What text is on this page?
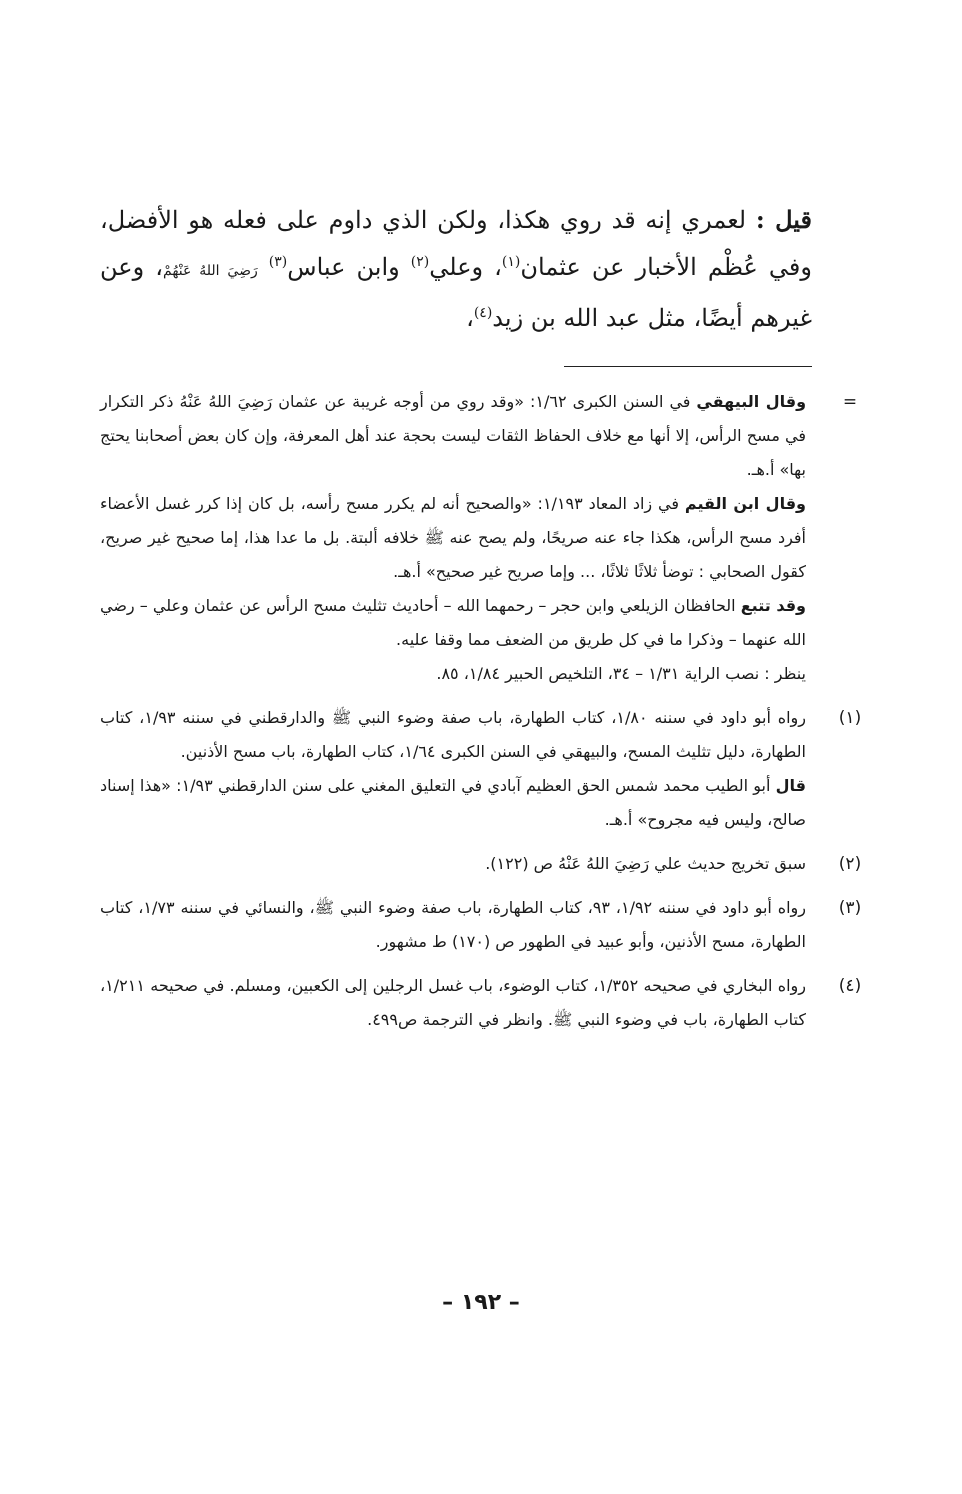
قيل : لعمري إنه قد روي هكذا، ولكن الذي داوم على فعله هو الأفضل، وفي عُظْم الأخبار عن عثمان$^{(١)}$، وعلي$^{(٢)}$ وابن عباس$^{(٣)}$ رَضِيَ اللهُ عَنْهُمْ، وعن غيرهم أيضًا، مثل عبد الله بن زيد$^{(٤)}$،
=

وقال البيهقي في السنن الكبرى ١/٦٢: «وقد روي من أوجه غريبة عن عثمان رَضِيَ اللهُ عَنْهُ ذكر التكرار في مسح الرأس، إلا أنها مع خلاف الحفاظ الثقات ليست بحجة عند أهل المعرفة، وإن كان بعض أصحابنا يحتج بها» أ.هـ.

وقال ابن القيم في زاد المعاد ١/١٩٣: «والصحيح أنه لم يكرر مسح رأسه، بل كان إذا كرر غسل الأعضاء أفرد مسح الرأس، هكذا جاء عنه صريحًا، ولم يصح عنه ﷺ خلافه ألبتة. بل ما عدا هذا، إما صحيح غير صريح، كقول الصحابي : توضأ ثلاثًا ثلاثًا، ... وإما صريح غير صحيح» أ.هـ.

وقد تتبع الحافظان الزيلعي وابن حجر – رحمهما الله – أحاديث تثليث مسح الرأس عن عثمان وعلي – رضي الله عنهما – وذكرا ما في كل طريق من الضعف مما وقفا عليه.

ينظر : نصب الراية ١/٣١ – ٣٤، التلخيص الحبير ١/٨٤، ٨٥.

(١)

رواه أبو داود في سننه ١/٨٠، كتاب الطهارة، باب صفة وضوء النبي ﷺ والدارقطني في سننه ١/٩٣، كتاب الطهارة، دليل تثليث المسح، والبيهقي في السنن الكبرى ١/٦٤، كتاب الطهارة، باب مسح الأذنين.

قال أبو الطيب محمد شمس الحق العظيم آبادي في التعليق المغني على سنن الدارقطني ١/٩٣: «هذا إسناد صالح، وليس فيه مجروح» أ.هـ.

(٢)

سبق تخريج حديث علي رَضِيَ اللهُ عَنْهُ ص (١٢٢).

(٣)

رواه أبو داود في سننه ١/٩٢، ٩٣، كتاب الطهارة، باب صفة وضوء النبي ﷺ، والنسائي في سننه ١/٧٣، كتاب الطهارة، مسح الأذنين، وأبو عبيد في الطهور ص (١٧٠) ط مشهور.

(٤)

رواه البخاري في صحيحه ١/٣٥٢، كتاب الوضوء، باب غسل الرجلين إلى الكعبين، ومسلم. في صحيحه ١/٢١١، كتاب الطهارة، باب في وضوء النبي ﷺ. وانظر في الترجمة ص٤٩٩.

– ١٩٢ –
